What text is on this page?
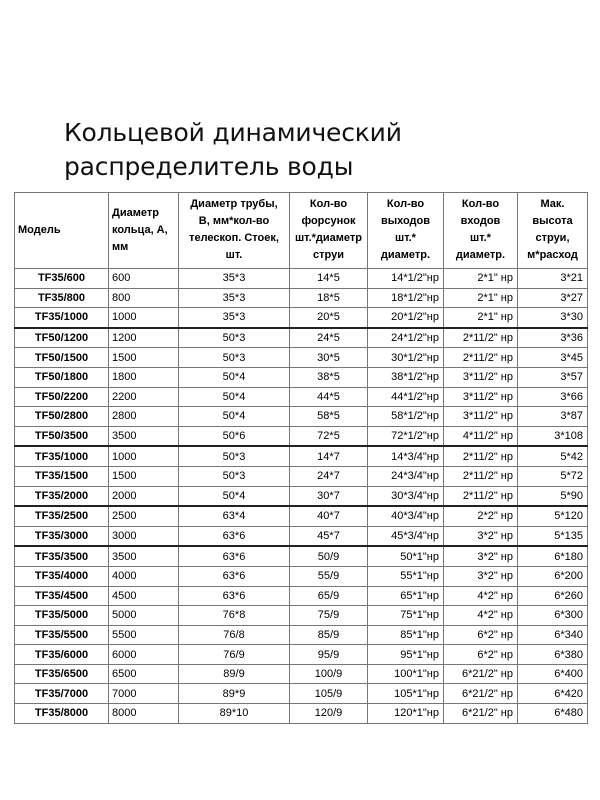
Кольцевой динамический
распределитель воды
Модель	Диаметр
кольца, А,
мм	Диаметр трубы,
В, мм*кол-во
телескоп. Стоек,
шт.	Кол-во
форсунок
шт.*диаметр
струи	Кол-во
выходов
шт.*
диаметр.	Кол-во
входов
шт.*
диаметр.	Мак.
высота
струи,
м*расход

TF35/600	600	35*3	14*5	14*1/2"нр	2*1" нр	3*21
TF35/800	800	35*3	18*5	18*1/2"нр	2*1" нр	3*27
TF35/1000	1000	35*3	20*5	20*1/2"нр	2*1" нр	3*30
TF50/1200	1200	50*3	24*5	24*1/2"нр	2*11/2" нр	3*36
TF50/1500	1500	50*3	30*5	30*1/2"нр	2*11/2" нр	3*45
TF50/1800	1800	50*4	38*5	38*1/2"нр	3*11/2" нр	3*57
TF50/2200	2200	50*4	44*5	44*1/2"нр	3*11/2" нр	3*66
TF50/2800	2800	50*4	58*5	58*1/2"нр	3*11/2" нр	3*87
TF50/3500	3500	50*6	72*5	72*1/2"нр	4*11/2" нр	3*108
TF35/1000	1000	50*3	14*7	14*3/4"нр	2*11/2" нр	5*42
TF35/1500	1500	50*3	24*7	24*3/4"нр	2*11/2" нр	5*72
TF35/2000	2000	50*4	30*7	30*3/4"нр	2*11/2" нр	5*90
TF35/2500	2500	63*4	40*7	40*3/4"нр	2*2" нр	5*120
TF35/3000	3000	63*6	45*7	45*3/4"нр	3*2" нр	5*135
TF35/3500	3500	63*6	50/9	50*1"нр	3*2" нр	6*180
TF35/4000	4000	63*6	55/9	55*1"нр	3*2" нр	6*200
TF35/4500	4500	63*6	65/9	65*1"нр	4*2" нр	6*260
TF35/5000	5000	76*8	75/9	75*1"нр	4*2" нр	6*300
TF35/5500	5500	76/8	85/9	85*1"нр	6*2" нр	6*340
TF35/6000	6000	76/9	95/9	95*1"нр	6*2" нр	6*380
TF35/6500	6500	89/9	100/9	100*1"нр	6*21/2" нр	6*400
TF35/7000	7000	89*9	105/9	105*1"нр	6*21/2" нр	6*420
TF35/8000	8000	89*10	120/9	120*1"нр	6*21/2" нр	6*480
